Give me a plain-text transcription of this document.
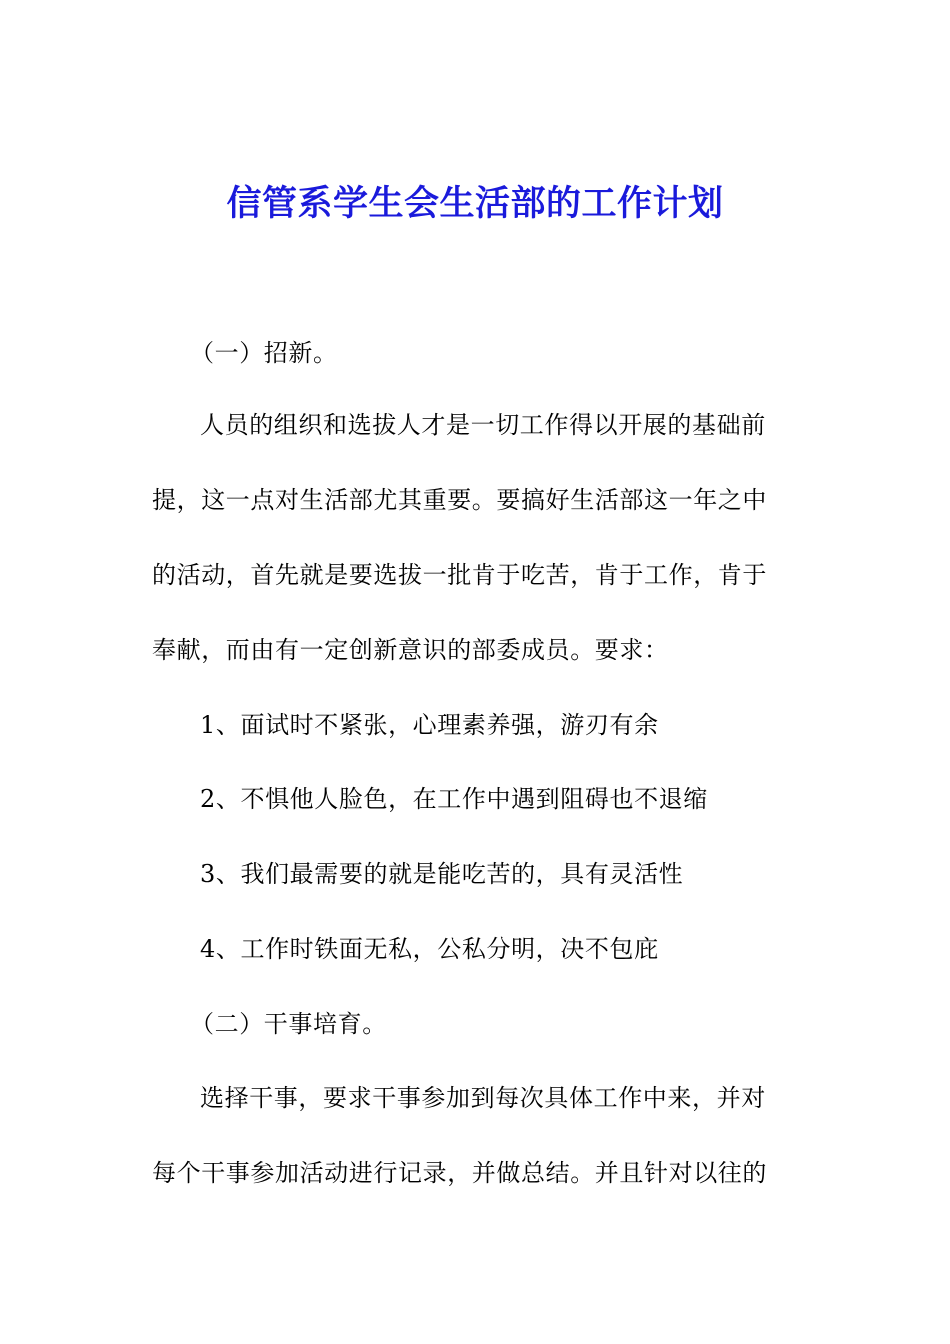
信管系学生会生活部的工作计划
（一）招新。
人员的组织和选拔人才是一切工作得以开展的基础前
提，这一点对生活部尤其重要。要搞好生活部这一年之中
的活动，首先就是要选拔一批肯于吃苦，肯于工作，肯于
奉献，而由有一定创新意识的部委成员。要求：
1、面试时不紧张，心理素养强，游刃有余
2、不惧他人脸色，在工作中遇到阻碍也不退缩
3、我们最需要的就是能吃苦的，具有灵活性
4、工作时铁面无私，公私分明，决不包庇
（二）干事培育。
选择干事，要求干事参加到每次具体工作中来，并对
每个干事参加活动进行记录，并做总结。并且针对以往的
